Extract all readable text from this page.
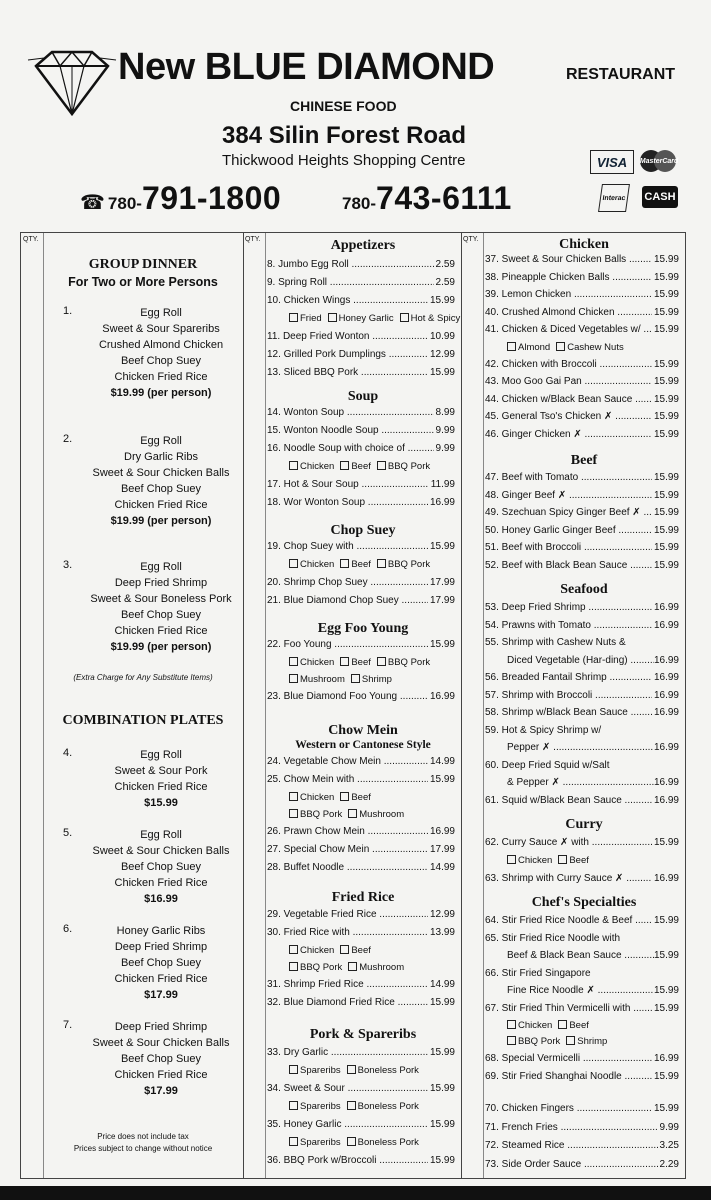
New BLUE DIAMOND	RESTAURANT
CHINESE FOOD
384 Silin Forest Road
Thickwood Heights Shopping Centre
☎ 780-791-1800	780-743-6111
VISA	MasterCard
Interac	CASH
QTY.
GROUP DINNER
For Two or More Persons
1.	Egg Roll
Sweet & Sour Spareribs
Crushed Almond Chicken
Beef Chop Suey
Chicken Fried Rice
$19.99 (per person)
2.	Egg Roll
Dry Garlic Ribs
Sweet & Sour Chicken Balls
Beef Chop Suey
Chicken Fried Rice
$19.99 (per person)
3.	Egg Roll
Deep Fried Shrimp
Sweet & Sour Boneless Pork
Beef Chop Suey
Chicken Fried Rice
$19.99 (per person)
(Extra Charge for Any Substitute Items)
COMBINATION PLATES
4.	Egg Roll
Sweet & Sour Pork
Chicken Fried Rice
$15.99
5.	Egg Roll
Sweet & Sour Chicken Balls
Beef Chop Suey
Chicken Fried Rice
$16.99
6.	Honey Garlic Ribs
Deep Fried Shrimp
Beef Chop Suey
Chicken Fried Rice
$17.99
7.	Deep Fried Shrimp
Sweet & Sour Chicken Balls
Beef Chop Suey
Chicken Fried Rice
$17.99
Price does not include tax
Prices subject to change without notice
QTY.	Appetizers
8. Jumbo Egg Roll .....	2.59
9. Spring Roll .....	2.59
10. Chicken Wings .....	15.99
Fried Honey Garlic Hot & Spicy
11. Deep Fried Wonton .....	10.99
12. Grilled Pork Dumplings .....	12.99
13. Sliced BBQ Pork .....	15.99
Soup
14. Wonton Soup .....	8.99
15. Wonton Noodle Soup .....	9.99
16. Noodle Soup with choice of .....	9.99
Chicken Beef BBQ Pork
17. Hot & Sour Soup .....	11.99
18. Wor Wonton Soup .....	16.99
Chop Suey
19. Chop Suey with .....	15.99
Chicken Beef BBQ Pork
20. Shrimp Chop Suey .....	17.99
21. Blue Diamond Chop Suey .....	17.99
Egg Foo Young
22. Foo Young .....	15.99
Chicken Beef BBQ Pork
Mushroom Shrimp
23. Blue Diamond Foo Young .....	16.99
Chow Mein
Western or Cantonese Style
24. Vegetable Chow Mein .....	14.99
25. Chow Mein with .....	15.99
Chicken Beef
BBQ Pork Mushroom
26. Prawn Chow Mein .....	16.99
27. Special Chow Mein .....	17.99
28. Buffet Noodle .....	14.99
Fried Rice
29. Vegetable Fried Rice .....	12.99
30. Fried Rice with .....	13.99
Chicken Beef
BBQ Pork Mushroom
31. Shrimp Fried Rice .....	14.99
32. Blue Diamond Fried Rice .....	15.99
Pork & Spareribs
33. Dry Garlic .....	15.99
Spareribs Boneless Pork
34. Sweet & Sour .....	15.99
Spareribs Boneless Pork
35. Honey Garlic .....	15.99
Spareribs Boneless Pork
36. BBQ Pork w/Broccoli .....	15.99
QTY.	Chicken
37. Sweet & Sour Chicken Balls .....	15.99
38. Pineapple Chicken Balls .....	15.99
39. Lemon Chicken .....	15.99
40. Crushed Almond Chicken .....	15.99
41. Chicken & Diced Vegetables w/ .....	15.99
Almond Cashew Nuts
42. Chicken with Broccoli .....	15.99
43. Moo Goo Gai Pan .....	15.99
44. Chicken w/Black Bean Sauce .....	15.99
45. General Tso's Chicken ✗ .....	15.99
46. Ginger Chicken ✗ .....	15.99
Beef
47. Beef with Tomato .....	15.99
48. Ginger Beef ✗ .....	15.99
49. Szechuan Spicy Ginger Beef ✗ .....	15.99
50. Honey Garlic Ginger Beef .....	15.99
51. Beef with Broccoli .....	15.99
52. Beef with Black Bean Sauce .....	15.99
Seafood
53. Deep Fried Shrimp .....	16.99
54. Prawns with Tomato .....	16.99
55. Shrimp with Cashew Nuts &
Diced Vegetable (Har-ding) .....	16.99
56. Breaded Fantail Shrimp .....	16.99
57. Shrimp with Broccoli .....	16.99
58. Shrimp w/Black Bean Sauce .....	16.99
59. Hot & Spicy Shrimp w/
Pepper ✗ .....	16.99
60. Deep Fried Squid w/Salt
& Pepper ✗ .....	16.99
61. Squid w/Black Bean Sauce .....	16.99
Curry
62. Curry Sauce ✗ with .....	15.99
Chicken Beef
63. Shrimp with Curry Sauce ✗ .....	16.99
Chef's Specialties
64. Stir Fried Rice Noodle & Beef .....	15.99
65. Stir Fried Rice Noodle with
Beef & Black Bean Sauce .....	15.99
66. Stir Fried Singapore
Fine Rice Noodle ✗ .....	15.99
67. Stir Fried Thin Vermicelli with .....	15.99
Chicken Beef
BBQ Pork Shrimp
68. Special Vermicelli .....	16.99
69. Stir Fried Shanghai Noodle .....	15.99
70. Chicken Fingers .....	15.99
71. French Fries .....	9.99
72. Steamed Rice .....	3.25
73. Side Order Sauce .....	2.29
